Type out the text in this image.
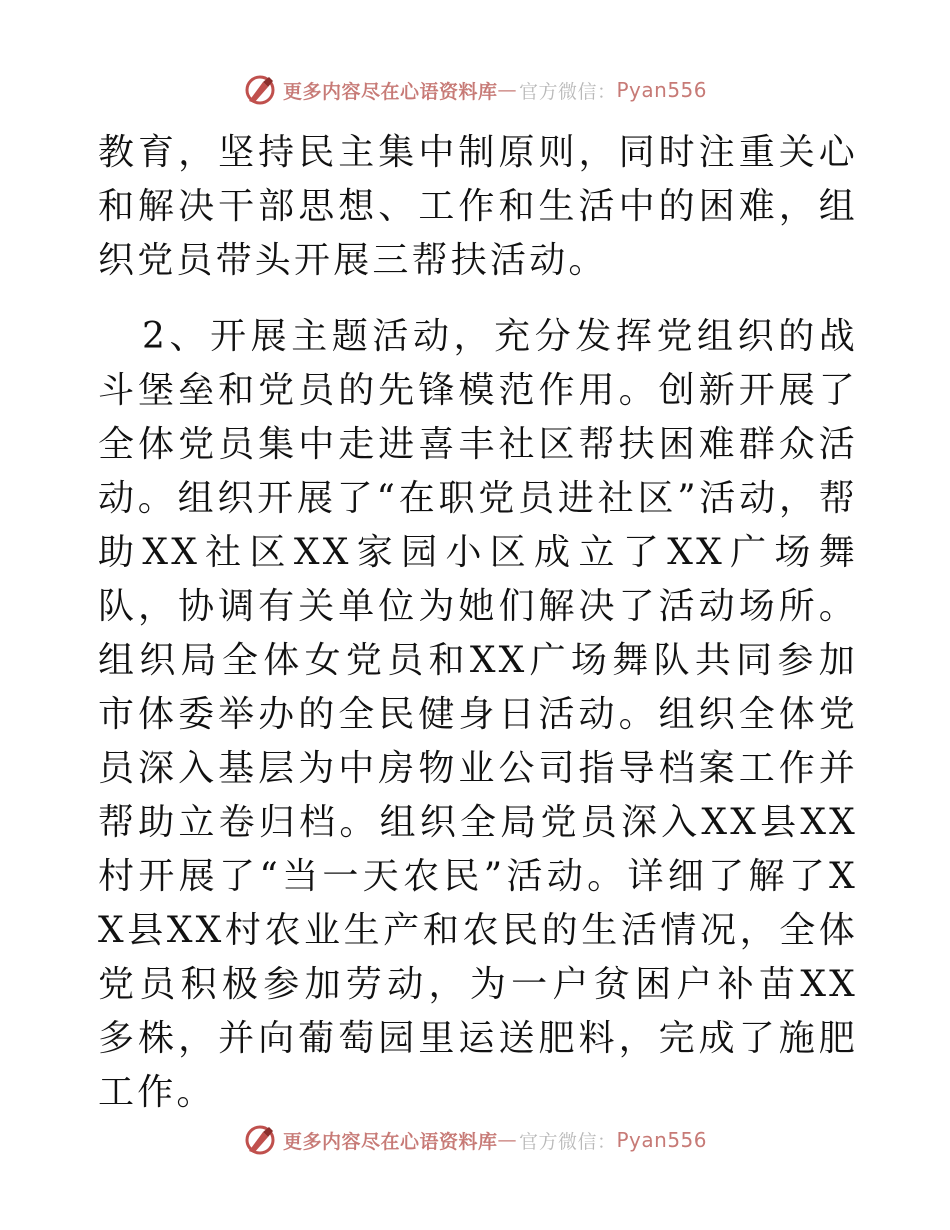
更多内容尽在心语资料库 — 官方微信： Pyan556

教育，坚持民主集中制原则，同时注重关心和解决干部思想、工作和生活中的困难，组织党员带头开展三帮扶活动。

2、开展主题活动，充分发挥党组织的战斗堡垒和党员的先锋模范作用。创新开展了全体党员集中走进喜丰社区帮扶困难群众活动。组织开展了“在职党员进社区”活动，帮助XX社区XX家园小区成立了XX广场舞队，协调有关单位为她们解决了活动场所。组织局全体女党员和XX广场舞队共同参加市体委举办的全民健身日活动。组织全体党员深入基层为中房物业公司指导档案工作并帮助立卷归档。组织全局党员深入XX县XX村开展了“当一天农民”活动。详细了解了XX县XX村农业生产和农民的生活情况，全体党员积极参加劳动，为一户贫困户补苗XX多株，并向葡萄园里运送肥料，完成了施肥工作。

更多内容尽在心语资料库 — 官方微信： Pyan556
